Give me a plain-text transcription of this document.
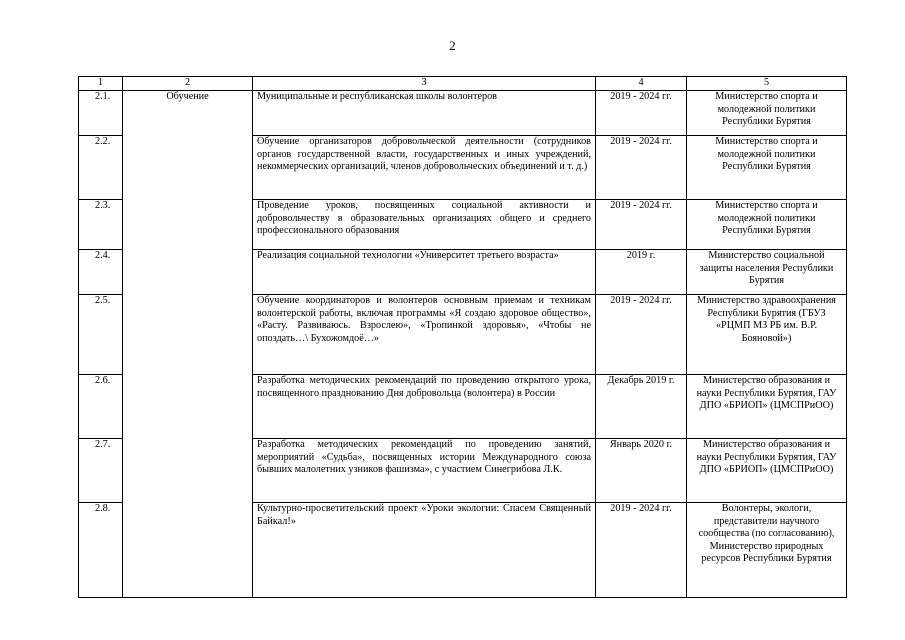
2
1	2	3	4	5
2.1.	Обучение	Муниципальные и республиканская школы волонтеров	2019 - 2024 гг.	Министерство спорта и молодежной политики Республики Бурятия
2.2.		Обучение организаторов добровольческой деятельности (сотрудников органов государственной власти, государственных и иных учреждений, некоммерческих организаций, членов добровольческих объединений и т. д.)	2019 - 2024 гг.	Министерство спорта и молодежной политики Республики Бурятия
2.3.		Проведение уроков, посвященных социальной активности и добровольчеству в образовательных организациях общего и среднего профессионального образования	2019 - 2024 гг.	Министерство спорта и молодежной политики Республики Бурятия
2.4.		Реализация социальной технологии «Университет третьего возраста»	2019 г.	Министерство социальной защиты населения Республики Бурятия
2.5.		Обучение координаторов и волонтеров основным приемам и техникам волонтерской работы, включая программы «Я создаю здоровое общество», «Расту. Развиваюсь. Взрослею», «Тропинкой здоровья», «Чтобы не опоздать…\ Бухожомдоё…»	2019 - 2024 гг.	Министерство здравоохранения Республики Бурятия (ГБУЗ «РЦМП МЗ РБ им. В.Р. Бояновой»)
2.6.		Разработка методических рекомендаций по проведению открытого урока, посвященного празднованию Дня добровольца (волонтера) в России	Декабрь 2019 г.	Министерство образования и науки Республики Бурятия, ГАУ ДПО «БРИОП» (ЦМСПРиОО)
2.7.		Разработка методических рекомендаций по проведению занятий, мероприятий «Судьба», посвященных истории Международного союза бывших малолетних узников фашизма», с участием Синегрибова Л.К.	Январь 2020 г.	Министерство образования и науки Республики Бурятия, ГАУ ДПО «БРИОП» (ЦМСПРиОО)
2.8.		Культурно-просветительский проект «Уроки экологии: Спасем Священный Байкал!»	2019 - 2024 гг.	Волонтеры, экологи, представители научного сообщества (по согласованию), Министерство природных ресурсов Республики Бурятия
